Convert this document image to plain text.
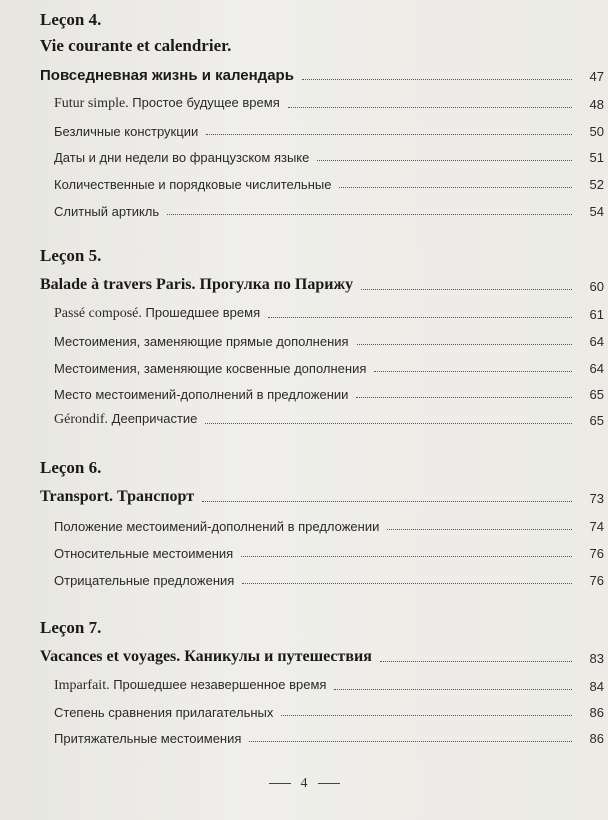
Leçon 4.
Vie courante et calendrier.
Повседневная жизнь и календарь	47
Futur simple. Простое будущее время	48
Безличные конструкции	50
Даты и дни недели во французском языке	51
Количественные и порядковые числительные	52
Слитный артикль	54
Leçon 5.
Balade à travers Paris. Прогулка по Парижу	60
Passé composé. Прошедшее время	61
Местоимения, заменяющие прямые дополнения	64
Местоимения, заменяющие косвенные дополнения	64
Место местоимений-дополнений в предложении	65
Gérondif. Деепричастие	65
Leçon 6.
Transport. Транспорт	73
Положение местоимений-дополнений в предложении	74
Относительные местоимения	76
Отрицательные предложения	76
Leçon 7.
Vacances et voyages. Каникулы и путешествия	83
Imparfait. Прошедшее незавершенное время	84
Степень сравнения прилагательных	86
Притяжательные местоимения	86
4
